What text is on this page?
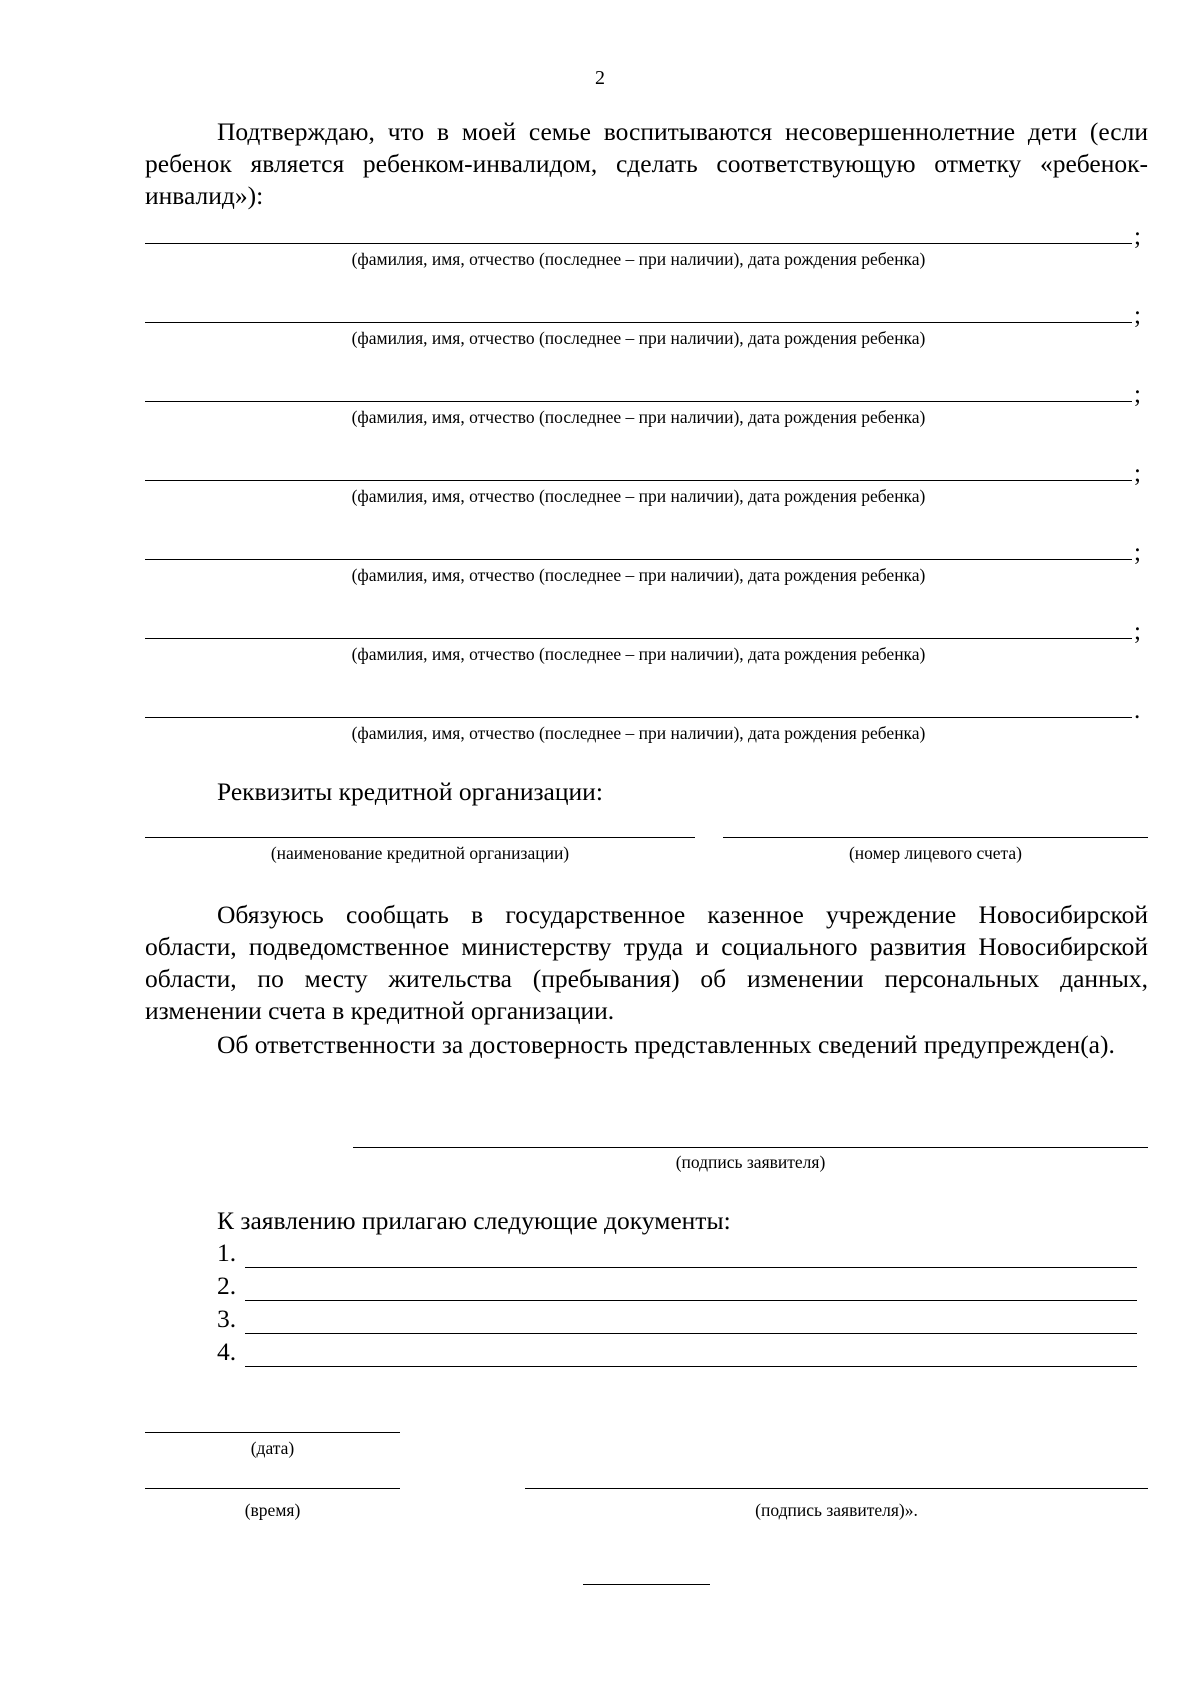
2
Подтверждаю, что в моей семье воспитываются несовершеннолетние дети (если ребенок является ребенком-инвалидом, сделать соответствующую отметку «ребенок-инвалид»):
;
(фамилия, имя, отчество (последнее – при наличии), дата рождения ребенка)
;
(фамилия, имя, отчество (последнее – при наличии), дата рождения ребенка)
;
(фамилия, имя, отчество (последнее – при наличии), дата рождения ребенка)
;
(фамилия, имя, отчество (последнее – при наличии), дата рождения ребенка)
;
(фамилия, имя, отчество (последнее – при наличии), дата рождения ребенка)
;
(фамилия, имя, отчество (последнее – при наличии), дата рождения ребенка)
.
(фамилия, имя, отчество (последнее – при наличии), дата рождения ребенка)
Реквизиты кредитной организации:
(наименование кредитной организации)	(номер лицевого счета)
Обязуюсь сообщать в государственное казенное учреждение Новосибирской области, подведомственное министерству труда и социального развития Новосибирской области, по месту жительства (пребывания) об изменении персональных данных, изменении счета в кредитной организации.
Об ответственности за достоверность представленных сведений предупрежден(а).
(подпись заявителя)
К заявлению прилагаю следующие документы:
1.
2.
3.
4.
(дата)
(время)	(подпись заявителя)».
